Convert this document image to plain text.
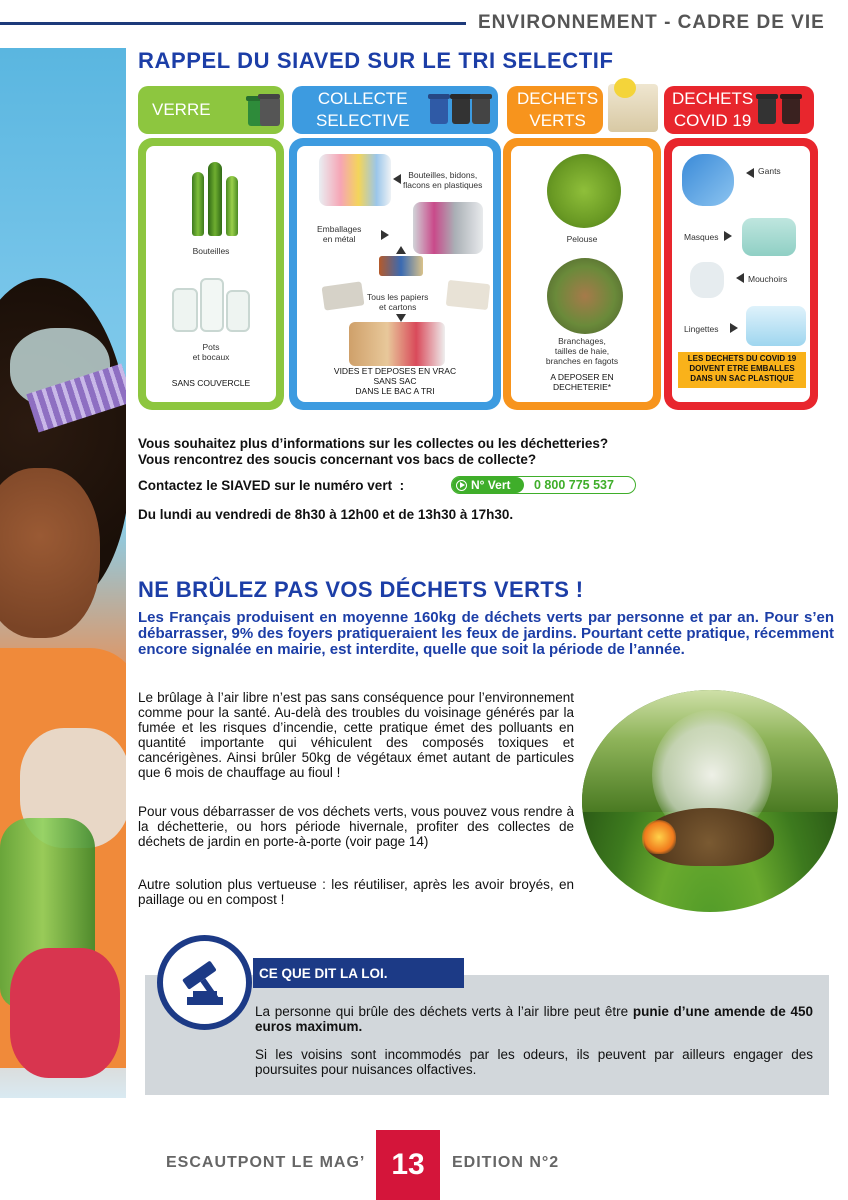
ENVIRONNEMENT - CADRE DE VIE
RAPPEL DU SIAVED SUR LE TRI SELECTIF
VERRE
COLLECTE
SELECTIVE
DECHETS
VERTS
DECHETS
COVID 19
Bouteilles
Pots
et bocaux
SANS COUVERCLE
Bouteilles, bidons,
flacons en plastiques
Emballages
en métal
Tous les papiers
et cartons
VIDES ET DEPOSES EN VRAC
SANS SAC
DANS LE BAC A TRI
Pelouse
Branchages,
tailles de haie,
branches en fagots
A DEPOSER EN
DECHETERIE*
Gants
Masques
Mouchoirs
Lingettes
LES DECHETS DU COVID 19
DOIVENT ETRE EMBALLES
DANS UN SAC PLASTIQUE
Vous souhaitez plus d’informations sur les collectes ou les déchetteries?
Vous rencontrez des soucis concernant vos bacs de collecte?
Contactez le SIAVED sur le numéro vert  :	N° Vert 0 800 775 537
Du lundi au vendredi de 8h30 à 12h00 et de 13h30 à 17h30.
NE BRÛLEZ PAS VOS DÉCHETS VERTS !
Les Français produisent en moyenne 160kg de déchets verts par personne et par an. Pour s’en débarrasser, 9% des foyers pratiqueraient les feux de jardins. Pourtant cette pratique, récemment encore signalée en mairie, est interdite, quelle que soit la période de l’année.
Le brûlage à l’air libre n’est pas sans conséquence pour l’environnement comme pour la santé. Au-delà des troubles du voisinage générés par la fumée et les risques d’incendie, cette pratique émet des polluants en quantité importante qui véhiculent des composés toxiques et cancérigènes. Ainsi brûler 50kg de végétaux émet autant de particules que 6 mois de chauffage au fioul !
Pour vous débarrasser de vos déchets verts, vous pouvez vous rendre à la déchetterie, ou hors période hivernale, profiter des collectes de déchets de jardin en porte-à-porte (voir page 14)
Autre solution plus vertueuse : les réutiliser, après les avoir broyés, en paillage ou en compost !
CE QUE DIT LA LOI.
La personne qui brûle des déchets verts à l’air libre peut être punie d’une amende de 450 euros maximum.
Si les voisins sont incommodés par les odeurs, ils peuvent par ailleurs engager des poursuites pour nuisances olfactives.
ESCAUTPONT LE MAG’ 13	EDITION N°2
